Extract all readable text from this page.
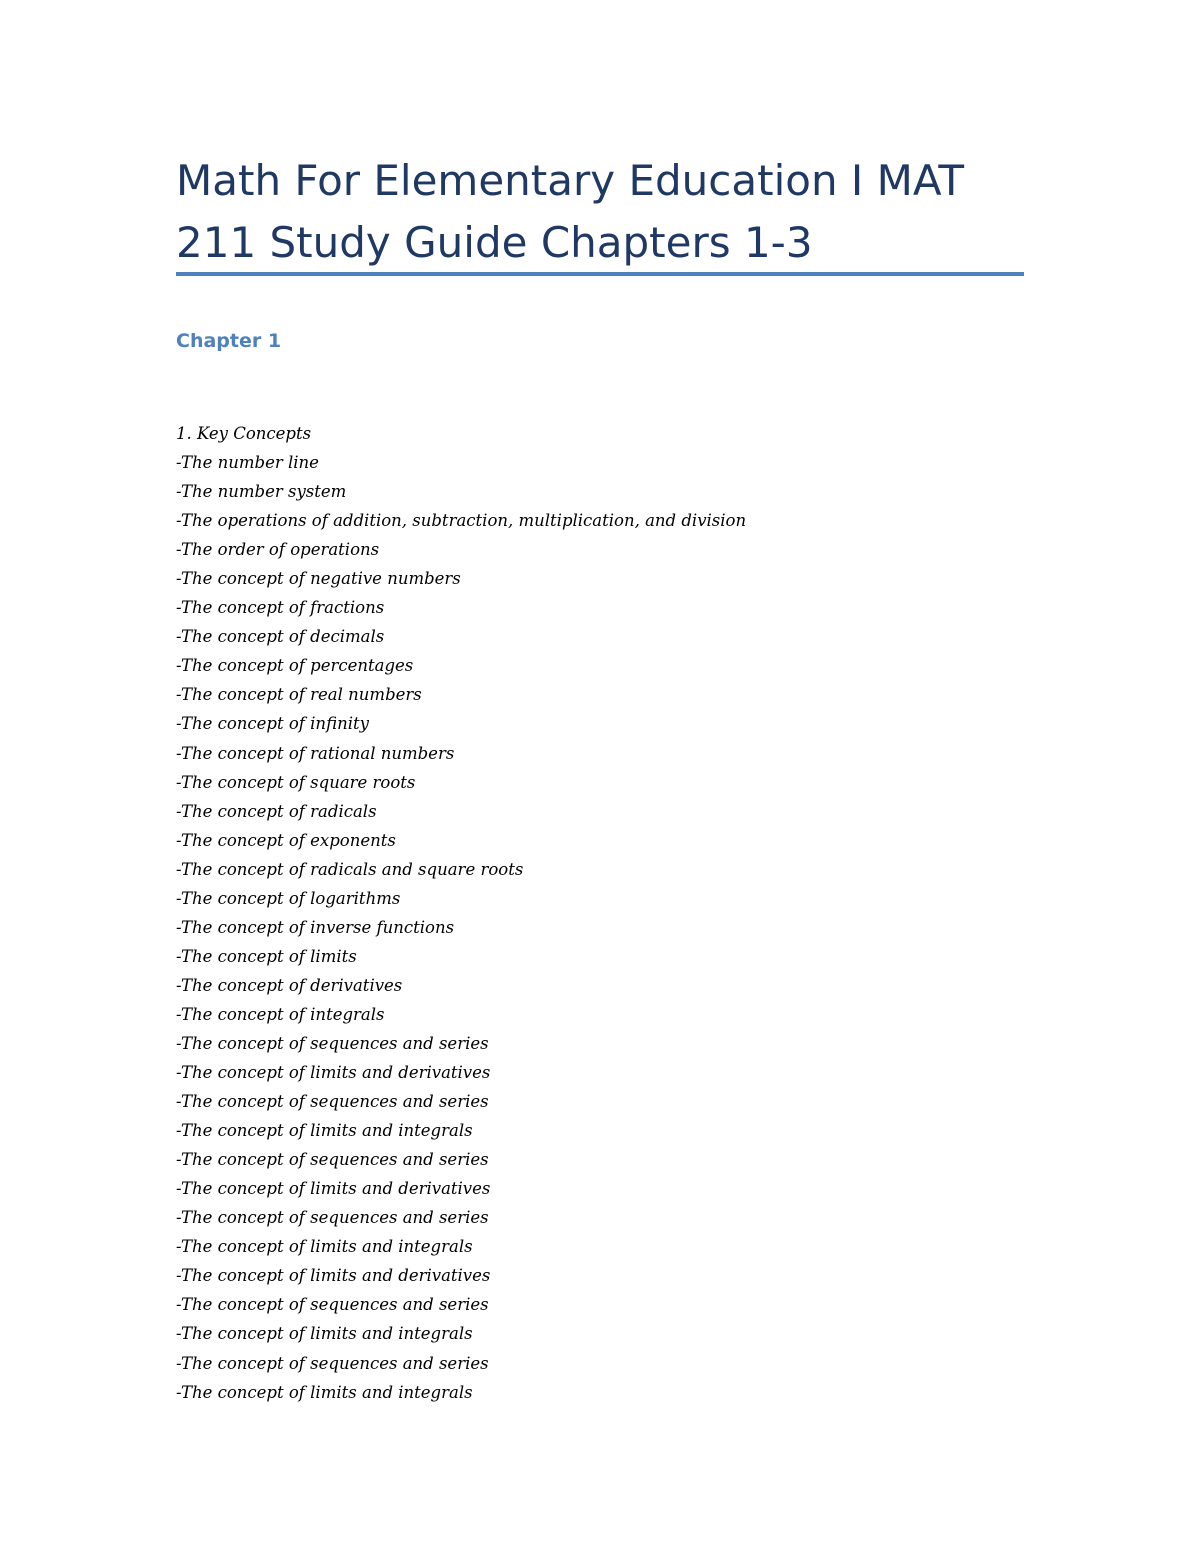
Math For Elementary Education I MAT 211 Study Guide Chapters 1-3
Chapter 1
1. Key Concepts
-The number line
-The number system
-The operations of addition, subtraction, multiplication, and division
-The order of operations
-The concept of negative numbers
-The concept of fractions
-The concept of decimals
-The concept of percentages
-The concept of real numbers
-The concept of infinity
-The concept of rational numbers
-The concept of square roots
-The concept of radicals
-The concept of exponents
-The concept of radicals and square roots
-The concept of logarithms
-The concept of inverse functions
-The concept of limits
-The concept of derivatives
-The concept of integrals
-The concept of sequences and series
-The concept of limits and derivatives
-The concept of sequences and series
-The concept of limits and integrals
-The concept of sequences and series
-The concept of limits and derivatives
-The concept of sequences and series
-The concept of limits and integrals
-The concept of limits and derivatives
-The concept of sequences and series
-The concept of limits and integrals
-The concept of sequences and series
-The concept of limits and integrals
